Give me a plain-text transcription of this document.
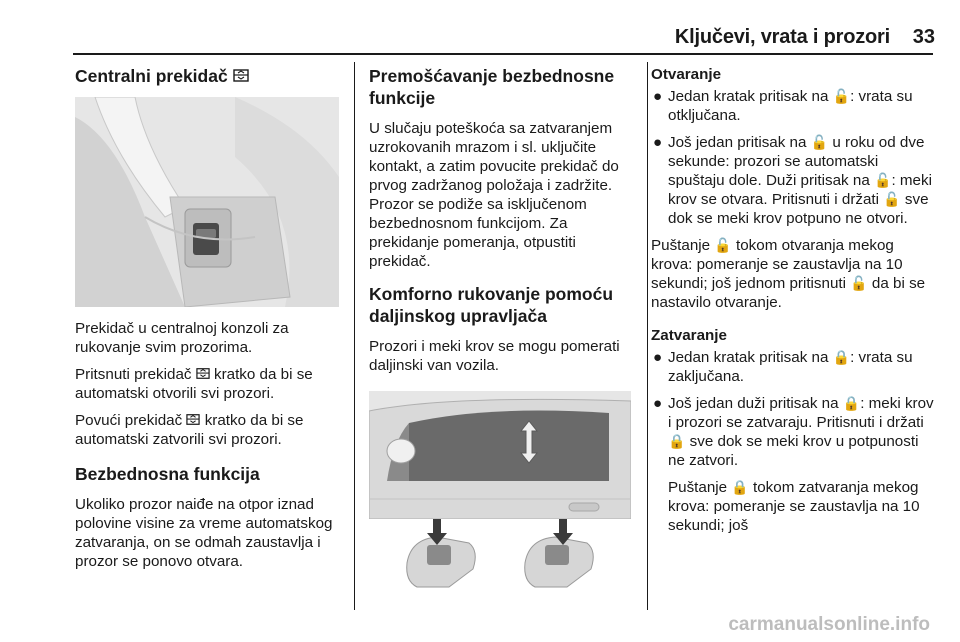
Ključevi, vrata i prozori	33
Centralni prekidač

Prekidač u centralnoj konzoli za rukovanje svim prozorima.

Pritsnuti prekidač kratko da bi se automatski otvorili svi prozori.

Povući prekidač kratko da bi se automatski zatvorili svi prozori.

Bezbednosna funkcija

Ukoliko prozor naiđe na otpor iznad polovine visine za vreme automatskog zatvaranja, on se odmah zaustavlja i prozor se ponovo otvara.

Premošćavanje bezbednosne funkcije

U slučaju poteškoća sa zatvaranjem uzrokovanih mrazom i sl. uključite kontakt, a zatim povucite prekidač do prvog zadržanog položaja i zadržite. Prozor se podiže sa isključenom bezbednosnom funkcijom. Za prekidanje pomeranja, otpustiti prekidač.

Komforno rukovanje pomoću daljinskog upravljača

Prozori i meki krov se mogu pomerati daljinski van vozila.

Otvaranje
● Jedan kratak pritisak na 🔓: vrata su otključana.
● Još jedan pritisak na 🔓 u roku od dve sekunde: prozori se automatski spuštaju dole. Duži pritisak na 🔓: meki krov se otvara. Pritisnuti i držati 🔓 sve dok se meki krov potpuno ne otvori.

Puštanje 🔓 tokom otvaranja mekog krova: pomeranje se zaustavlja na 10 sekundi; još jednom pritisnuti 🔓 da bi se nastavilo otvaranje.

Zatvaranje
● Jedan kratak pritisak na 🔒: vrata su zaključana.
● Još jedan duži pritisak na 🔒: meki krov i prozori se zatvaraju. Pritisnuti i držati 🔒 sve dok se meki krov u potpunosti ne zatvori.

Puštanje 🔒 tokom zatvaranja mekog krova: pomeranje se zaustavlja na 10 sekundi; još

carmanualsonline.info
